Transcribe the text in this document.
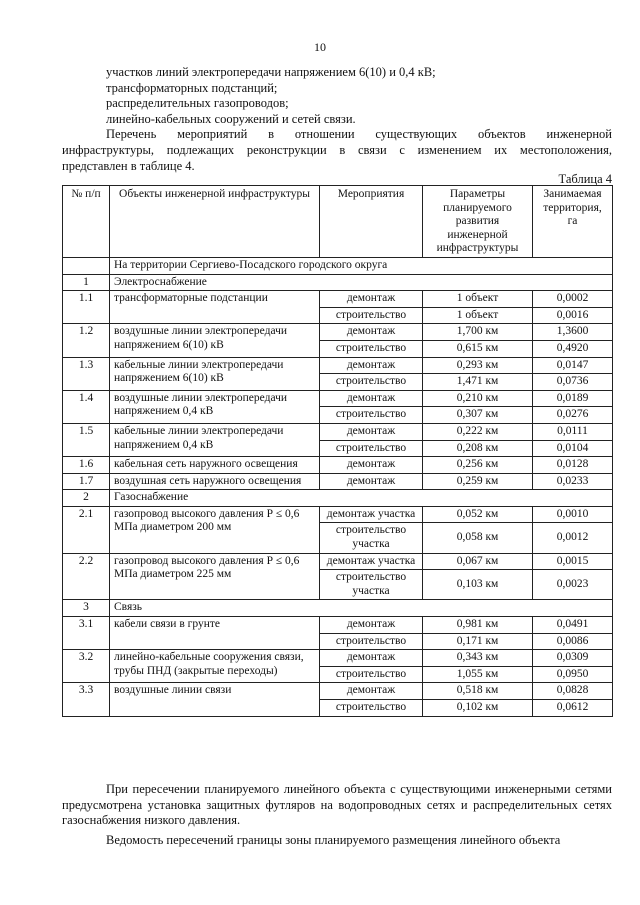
10
участков линий электропередачи напряжением 6(10) и 0,4 кВ;
трансформаторных подстанций;
распределительных газопроводов;
линейно-кабельных сооружений и сетей связи.
Перечень мероприятий в отношении существующих объектов инженерной
инфраструктуры, подлежащих реконструкции в связи с изменением их местоположения,
представлен в таблице 4.
Таблица 4
№ п/п	Объекты инженерной инфраструктуры	Мероприятия	Параметры планируемого развития инженерной инфраструктуры	Занимаемая территория, га
	На территории Сергиево-Посадского городского округа			
1	Электроснабжение			
1.1	трансформаторные подстанции	демонтаж	1 объект	0,0002
		строительство	1 объект	0,0016
1.2	воздушные линии электропередачи напряжением 6(10) кВ	демонтаж	1,700 км	1,3600
		строительство	0,615 км	0,4920
1.3	кабельные линии электропередачи напряжением 6(10) кВ	демонтаж	0,293 км	0,0147
		строительство	1,471 км	0,0736
1.4	воздушные линии электропередачи напряжением 0,4 кВ	демонтаж	0,210 км	0,0189
		строительство	0,307 км	0,0276
1.5	кабельные линии электропередачи напряжением 0,4 кВ	демонтаж	0,222 км	0,0111
		строительство	0,208 км	0,0104
1.6	кабельная сеть наружного освещения	демонтаж	0,256 км	0,0128
1.7	воздушная сеть наружного освещения	демонтаж	0,259 км	0,0233
2	Газоснабжение			
2.1	газопровод высокого давления Р ≤ 0,6 МПа диаметром 200 мм	демонтаж участка	0,052 км	0,0010
		строительство участка	0,058 км	0,0012
2.2	газопровод высокого давления Р ≤ 0,6 МПа диаметром 225 мм	демонтаж участка	0,067 км	0,0015
		строительство участка	0,103 км	0,0023
3	Связь			
3.1	кабели связи в грунте	демонтаж	0,981 км	0,0491
		строительство	0,171 км	0,0086
3.2	линейно-кабельные сооружения связи, трубы ПНД (закрытые переходы)	демонтаж	0,343 км	0,0309
		строительство	1,055 км	0,0950
3.3	воздушные линии связи	демонтаж	0,518 км	0,0828
		строительство	0,102 км	0,0612

При пересечении планируемого линейного объекта с существующими инженерными сетями предусмотрена установка защитных футляров на водопроводных сетях и распределительных сетях газоснабжения низкого давления.

Ведомость пересечений границы зоны планируемого размещения линейного объекта
